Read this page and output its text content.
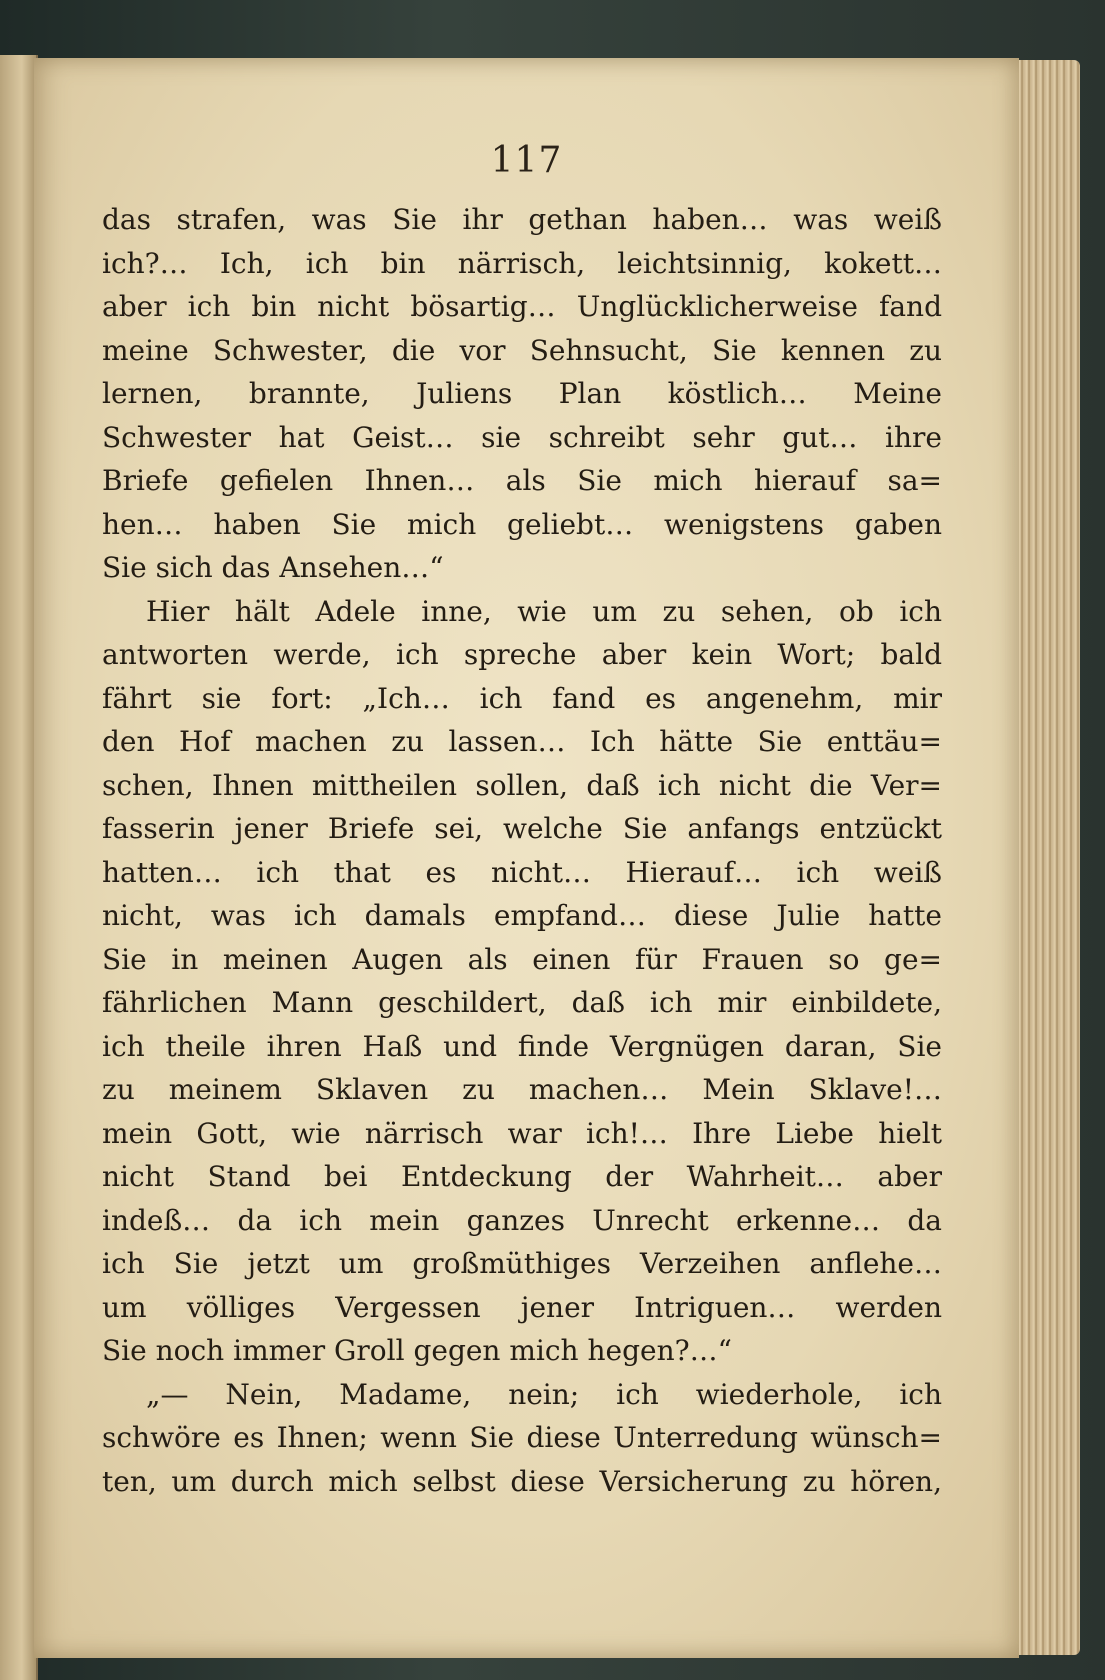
117
das strafen, was Sie ihr gethan haben… was weiß
ich?… Ich, ich bin närrisch, leichtsinnig, kokett…
aber ich bin nicht bösartig… Unglücklicherweise fand
meine Schwester, die vor Sehnsucht, Sie kennen zu
lernen, brannte, Juliens Plan köstlich… Meine
Schwester hat Geist… sie schreibt sehr gut… ihre
Briefe gefielen Ihnen… als Sie mich hierauf sa=
hen… haben Sie mich geliebt… wenigstens gaben
Sie sich das Ansehen…“
Hier hält Adele inne, wie um zu sehen, ob ich
antworten werde, ich spreche aber kein Wort; bald
fährt sie fort: „Ich… ich fand es angenehm, mir
den Hof machen zu lassen… Ich hätte Sie enttäu=
schen, Ihnen mittheilen sollen, daß ich nicht die Ver=
fasserin jener Briefe sei, welche Sie anfangs entzückt
hatten… ich that es nicht… Hierauf… ich weiß
nicht, was ich damals empfand… diese Julie hatte
Sie in meinen Augen als einen für Frauen so ge=
fährlichen Mann geschildert, daß ich mir einbildete,
ich theile ihren Haß und finde Vergnügen daran, Sie
zu meinem Sklaven zu machen… Mein Sklave!…
mein Gott, wie närrisch war ich!… Ihre Liebe hielt
nicht Stand bei Entdeckung der Wahrheit… aber
indeß… da ich mein ganzes Unrecht erkenne… da
ich Sie jetzt um großmüthiges Verzeihen anflehe…
um völliges Vergessen jener Intriguen… werden
Sie noch immer Groll gegen mich hegen?…“
„— Nein, Madame, nein; ich wiederhole, ich
schwöre es Ihnen; wenn Sie diese Unterredung wünsch=
ten, um durch mich selbst diese Versicherung zu hören,
